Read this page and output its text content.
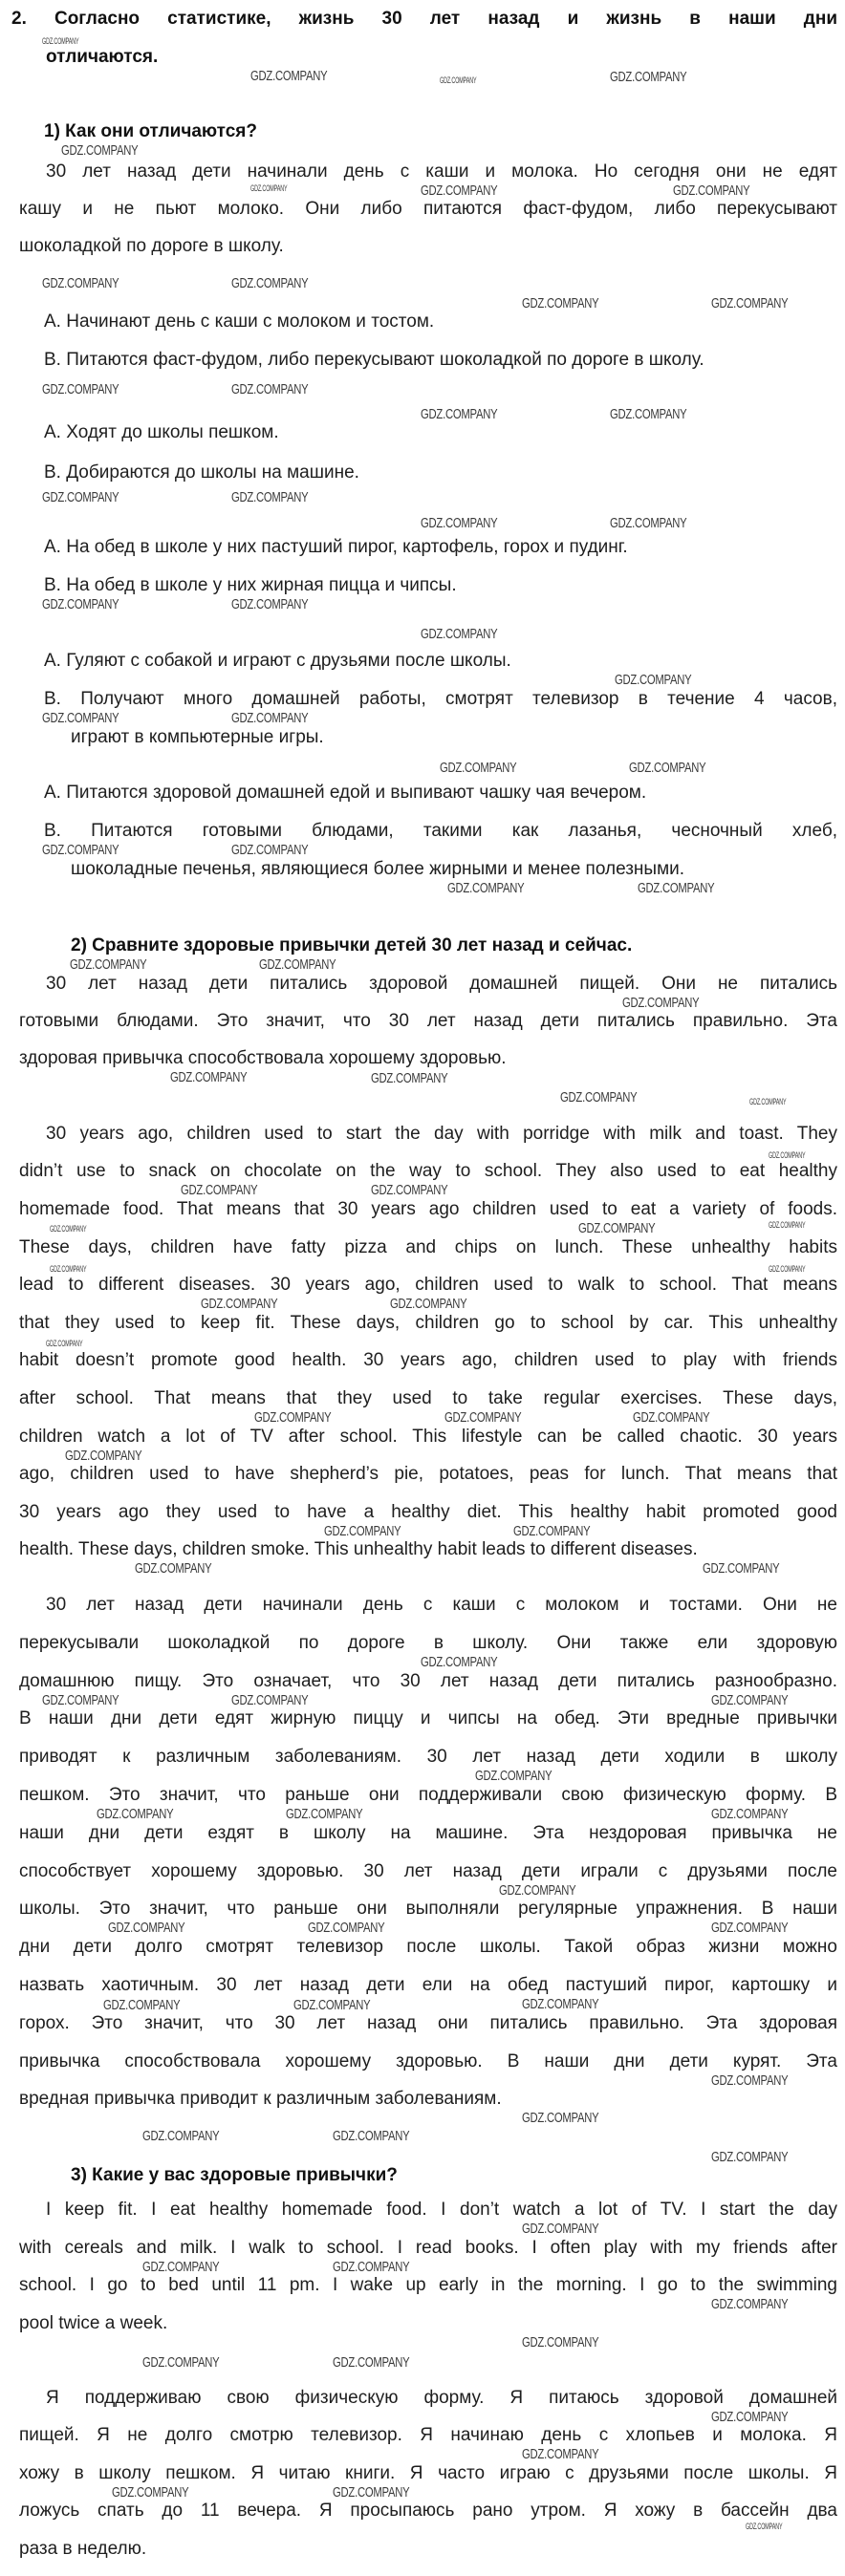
2. Согласно статистике, жизнь 30 лет назад и жизнь в наши дни
отличаются.
1) Как они отличаются?
30 лет назад дети начинали день с каши и молока. Но сегодня они не едят
кашу и не пьют молоко. Они либо питаются фаст-фудом, либо перекусывают
шоколадкой по дороге в школу.
А. Начинают день с каши с молоком и тостом.
В. Питаются фаст-фудом, либо перекусывают шоколадкой по дороге в школу.
А. Ходят до школы пешком.
В. Добираются до школы на машине.
А. На обед в школе у них пастуший пирог, картофель, горох и пудинг.
В. На обед в школе у них жирная пицца и чипсы.
А. Гуляют с собакой и играют с друзьями после школы.
В. Получают много домашней работы, смотрят телевизор в течение 4 часов,
играют в компьютерные игры.
А. Питаются здоровой домашней едой и выпивают чашку чая вечером.
В. Питаются готовыми блюдами, такими как лазанья, чесночный хлеб,
шоколадные печенья, являющиеся более жирными и менее полезными.
2) Сравните здоровые привычки детей 30 лет назад и сейчас.
30 лет назад дети питались здоровой домашней пищей. Они не питались
готовыми блюдами. Это значит, что 30 лет назад дети питались правильно. Эта
здоровая привычка способствовала хорошему здоровью.
30 years ago, children used to start the day with porridge with milk and toast. They
didn’t use to snack on chocolate on the way to school. They also used to eat healthy
homemade food. That means that 30 years ago children used to eat a variety of foods.
These days, children have fatty pizza and chips on lunch. These unhealthy habits
lead to different diseases. 30 years ago, children used to walk to school. That means
that they used to keep fit. These days, children go to school by car. This unhealthy
habit doesn’t promote good health. 30 years ago, children used to play with friends
after school. That means that they used to take regular exercises. These days,
children watch a lot of TV after school. This lifestyle can be called chaotic. 30 years
ago, children used to have shepherd’s pie, potatoes, peas for lunch. That means that
30 years ago they used to have a healthy diet. This healthy habit promoted good
health. These days, children smoke. This unhealthy habit leads to different diseases.
30 лет назад дети начинали день с каши с молоком и тостами. Они не
перекусывали шоколадкой по дороге в школу. Они также ели здоровую
домашнюю пищу. Это означает, что 30 лет назад дети питались разнообразно.
В наши дни дети едят жирную пиццу и чипсы на обед. Эти вредные привычки
приводят к различным заболеваниям. 30 лет назад дети ходили в школу
пешком. Это значит, что раньше они поддерживали свою физическую форму. В
наши дни дети ездят в школу на машине. Эта нездоровая привычка не
способствует хорошему здоровью. 30 лет назад дети играли с друзьями после
школы. Это значит, что раньше они выполняли регулярные упражнения. В наши
дни дети долго смотрят телевизор после школы. Такой образ жизни можно
назвать хаотичным. 30 лет назад дети ели на обед пастуший пирог, картошку и
горох. Это значит, что 30 лет назад они питались правильно. Эта здоровая
привычка способствовала хорошему здоровью. В наши дни дети курят. Эта
вредная привычка приводит к различным заболеваниям.
3) Какие у вас здоровые привычки?
I keep fit. I eat healthy homemade food. I don’t watch a lot of TV. I start the day
with cereals and milk. I walk to school. I read books. I often play with my friends after
school. I go to bed until 11 pm. I wake up early in the morning. I go to the swimming
pool twice a week.
Я поддерживаю свою физическую форму. Я питаюсь здоровой домашней
пищей. Я не долго смотрю телевизор. Я начинаю день с хлопьев и молока. Я
хожу в школу пешком. Я читаю книги. Я часто играю с друзьями после школы. Я
ложусь спать до 11 вечера. Я просыпаюсь рано утром. Я хожу в бассейн два
раза в неделю.
GDZ.COMPANY
GDZ.COMPANY	GDZ.COMPANY	GDZ.COMPANY
GDZ.COMPANY
GDZ.COMPANY	GDZ.COMPANY	GDZ.COMPANY
GDZ.COMPANY	GDZ.COMPANY
GDZ.COMPANY	GDZ.COMPANY
GDZ.COMPANY	GDZ.COMPANY
GDZ.COMPANY	GDZ.COMPANY
GDZ.COMPANY	GDZ.COMPANY
GDZ.COMPANY	GDZ.COMPANY
GDZ.COMPANY	GDZ.COMPANY
GDZ.COMPANY
GDZ.COMPANY
GDZ.COMPANY	GDZ.COMPANY
GDZ.COMPANY	GDZ.COMPANY
GDZ.COMPANY	GDZ.COMPANY
GDZ.COMPANY	GDZ.COMPANY
GDZ.COMPANY	GDZ.COMPANY
GDZ.COMPANY
GDZ.COMPANY	GDZ.COMPANY
GDZ.COMPANY	GDZ.COMPANY
GDZ.COMPANY
GDZ.COMPANY	GDZ.COMPANY
GDZ.COMPANY	GDZ.COMPANY	GDZ.COMPANY
GDZ.COMPANY	GDZ.COMPANY
GDZ.COMPANY	GDZ.COMPANY
GDZ.COMPANY
GDZ.COMPANY	GDZ.COMPANY	GDZ.COMPANY
GDZ.COMPANY
GDZ.COMPANY	GDZ.COMPANY
GDZ.COMPANY	GDZ.COMPANY
GDZ.COMPANY
GDZ.COMPANY	GDZ.COMPANY	GDZ.COMPANY
GDZ.COMPANY
GDZ.COMPANY	GDZ.COMPANY	GDZ.COMPANY
GDZ.COMPANY
GDZ.COMPANY	GDZ.COMPANY	GDZ.COMPANY
GDZ.COMPANY
GDZ.COMPANY	GDZ.COMPANY
GDZ.COMPANY
GDZ.COMPANY
GDZ.COMPANY	GDZ.COMPANY
GDZ.COMPANY
GDZ.COMPANY
GDZ.COMPANY	GDZ.COMPANY
GDZ.COMPANY
GDZ.COMPANY
GDZ.COMPANY	GDZ.COMPANY
GDZ.COMPANY
GDZ.COMPANY
GDZ.COMPANY	GDZ.COMPANY
GDZ.COMPANY
